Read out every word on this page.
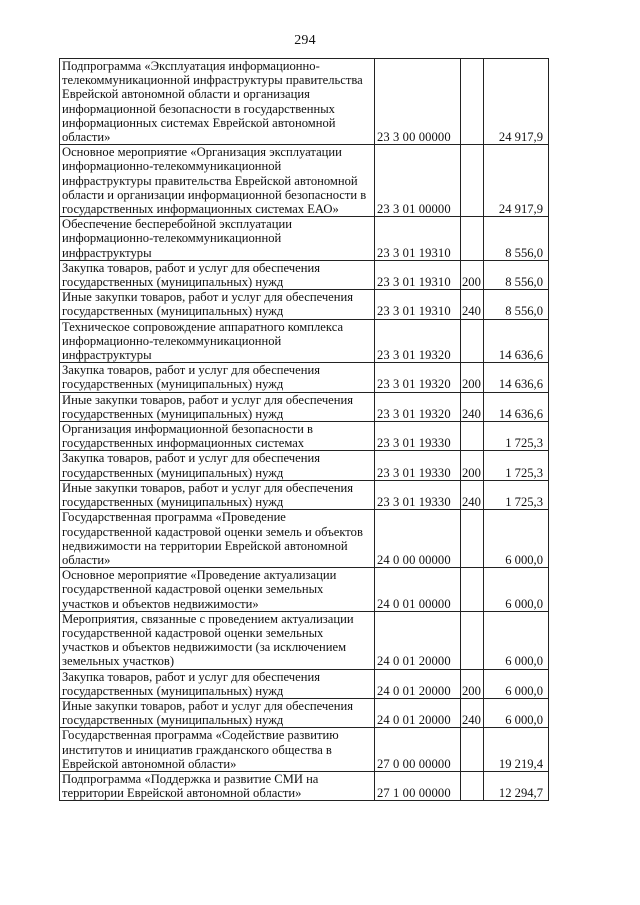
294
Подпрограмма «Эксплуатация информационно-телекоммуникационной инфраструктуры правительства Еврейской автономной области и организация информационной безопасности в государственных информационных системах Еврейской автономной области»	23 3 00 00000		24 917,9
Основное мероприятие «Организация эксплуатации информационно-телекоммуникационной инфраструктуры правительства Еврейской автономной области и организации информационной безопасности в государственных информационных системах ЕАО»	23 3 01 00000		24 917,9
Обеспечение бесперебойной эксплуатации информационно-телекоммуникационной инфраструктуры	23 3 01 19310		8 556,0
Закупка товаров, работ и услуг для обеспечения государственных (муниципальных) нужд	23 3 01 19310	200	8 556,0
Иные закупки товаров, работ и услуг для обеспечения государственных (муниципальных) нужд	23 3 01 19310	240	8 556,0
Техническое сопровождение аппаратного комплекса информационно-телекоммуникационной инфраструктуры	23 3 01 19320		14 636,6
Закупка товаров, работ и услуг для обеспечения государственных (муниципальных) нужд	23 3 01 19320	200	14 636,6
Иные закупки товаров, работ и услуг для обеспечения государственных (муниципальных) нужд	23 3 01 19320	240	14 636,6
Организация информационной безопасности в государственных информационных системах	23 3 01 19330		1 725,3
Закупка товаров, работ и услуг для обеспечения государственных (муниципальных) нужд	23 3 01 19330	200	1 725,3
Иные закупки товаров, работ и услуг для обеспечения государственных (муниципальных) нужд	23 3 01 19330	240	1 725,3
Государственная программа «Проведение государственной кадастровой оценки земель и объектов недвижимости на территории Еврейской автономной области»	24 0 00 00000		6 000,0
Основное мероприятие «Проведение актуализации государственной кадастровой оценки земельных участков и объектов недвижимости»	24 0 01 00000		6 000,0
Мероприятия, связанные с проведением актуализации государственной кадастровой оценки земельных участков и объектов недвижимости (за исключением земельных участков)	24 0 01 20000		6 000,0
Закупка товаров, работ и услуг для обеспечения государственных (муниципальных) нужд	24 0 01 20000	200	6 000,0
Иные закупки товаров, работ и услуг для обеспечения государственных (муниципальных) нужд	24 0 01 20000	240	6 000,0
Государственная программа «Содействие развитию институтов и инициатив гражданского общества в Еврейской автономной области»	27 0 00 00000		19 219,4
Подпрограмма «Поддержка и развитие СМИ на территории Еврейской автономной области»	27 1 00 00000		12 294,7
